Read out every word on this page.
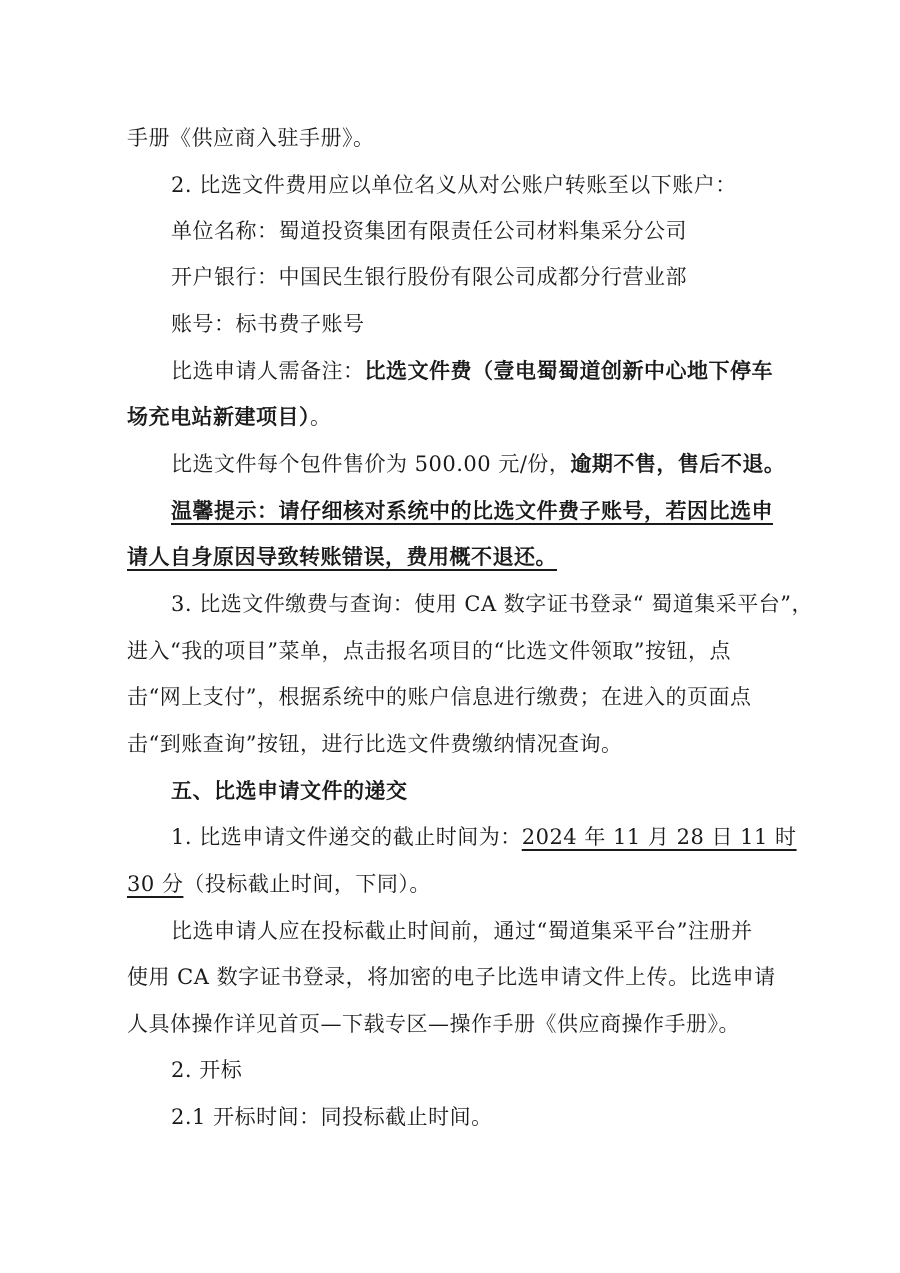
手册《供应商入驻手册》。
2. 比选文件费用应以单位名义从对公账户转账至以下账户：
单位名称：蜀道投资集团有限责任公司材料集采分公司
开户银行：中国民生银行股份有限公司成都分行营业部
账号：标书费子账号
比选申请人需备注：比选文件费（壹电蜀蜀道创新中心地下停车
场充电站新建项目）。
比选文件每个包件售价为 500.00 元/份，逾期不售，售后不退。
温馨提示：请仔细核对系统中的比选文件费子账号，若因比选申
请人自身原因导致转账错误，费用概不退还。
3. 比选文件缴费与查询：使用 CA 数字证书登录“ 蜀道集采平台”，
进入“我的项目”菜单，点击报名项目的“比选文件领取”按钮，点
击“网上支付”，根据系统中的账户信息进行缴费；在进入的页面点
击“到账查询”按钮，进行比选文件费缴纳情况查询。
五、比选申请文件的递交
1. 比选申请文件递交的截止时间为：2024 年 11 月 28 日 11 时
30 分（投标截止时间，下同）。
比选申请人应在投标截止时间前，通过“蜀道集采平台”注册并
使用 CA 数字证书登录，将加密的电子比选申请文件上传。比选申请
人具体操作详见首页—下载专区—操作手册《供应商操作手册》。
2. 开标
2.1 开标时间：同投标截止时间。
